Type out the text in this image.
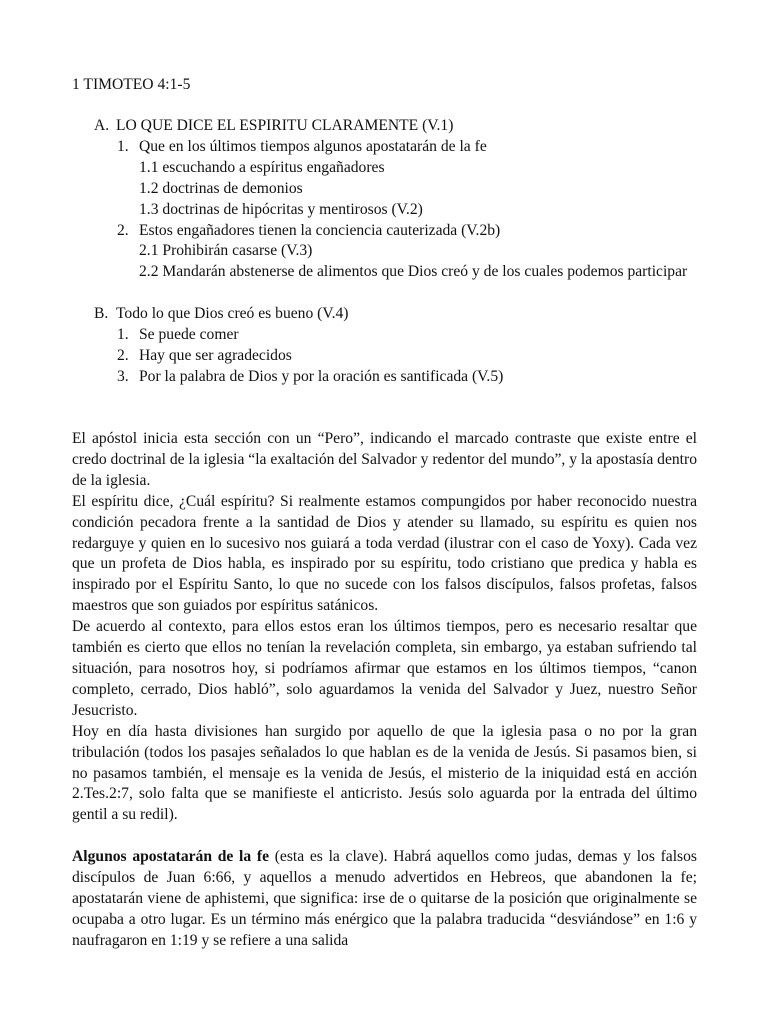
1 TIMOTEO 4:1-5
A. LO QUE DICE EL ESPIRITU CLARAMENTE (V.1)
1. Que en los últimos tiempos algunos apostatarán de la fe
1.1 escuchando a espíritus engañadores
1.2 doctrinas de demonios
1.3 doctrinas de hipócritas y mentirosos (V.2)
2. Estos engañadores tienen la conciencia cauterizada (V.2b)
2.1 Prohibirán casarse (V.3)
2.2 Mandarán abstenerse de alimentos que Dios creó y de los cuales podemos participar
B. Todo lo que Dios creó es bueno (V.4)
1. Se puede comer
2. Hay que ser agradecidos
3. Por la palabra de Dios y por la oración es santificada (V.5)

El apóstol inicia esta sección con un “Pero”, indicando el marcado contraste que existe entre el credo doctrinal de la iglesia “la exaltación del Salvador y redentor del mundo”, y la apostasía dentro de la iglesia.

El espíritu dice, ¿Cuál espíritu? Si realmente estamos compungidos por haber reconocido nuestra condición pecadora frente a la santidad de Dios y atender su llamado, su espíritu es quien nos redarguye y quien en lo sucesivo nos guiará a toda verdad (ilustrar con el caso de Yoxy). Cada vez que un profeta de Dios habla, es inspirado por su espíritu, todo cristiano que predica y habla es inspirado por el Espíritu Santo, lo que no sucede con los falsos discípulos, falsos profetas, falsos maestros que son guiados por espíritus satánicos.

De acuerdo al contexto, para ellos estos eran los últimos tiempos, pero es necesario resaltar que también es cierto que ellos no tenían la revelación completa, sin embargo, ya estaban sufriendo tal situación, para nosotros hoy, si podríamos afirmar que estamos en los últimos tiempos, “canon completo, cerrado, Dios habló”, solo aguardamos la venida del Salvador y Juez, nuestro Señor Jesucristo.

Hoy en día hasta divisiones han surgido por aquello de que la iglesia pasa o no por la gran tribulación (todos los pasajes señalados lo que hablan es de la venida de Jesús. Si pasamos bien, si no pasamos también, el mensaje es la venida de Jesús, el misterio de la iniquidad está en acción 2.Tes.2:7, solo falta que se manifieste el anticristo. Jesús solo aguarda por la entrada del último gentil a su redil).

Algunos apostatarán de la fe (esta es la clave). Habrá aquellos como judas, demas y los falsos discípulos de Juan 6:66, y aquellos a menudo advertidos en Hebreos, que abandonen la fe; apostatarán viene de aphistemi, que significa: irse de o quitarse de la posición que originalmente se ocupaba a otro lugar. Es un término más enérgico que la palabra traducida “desviándose” en 1:6 y naufragaron en 1:19 y se refiere a una salida
